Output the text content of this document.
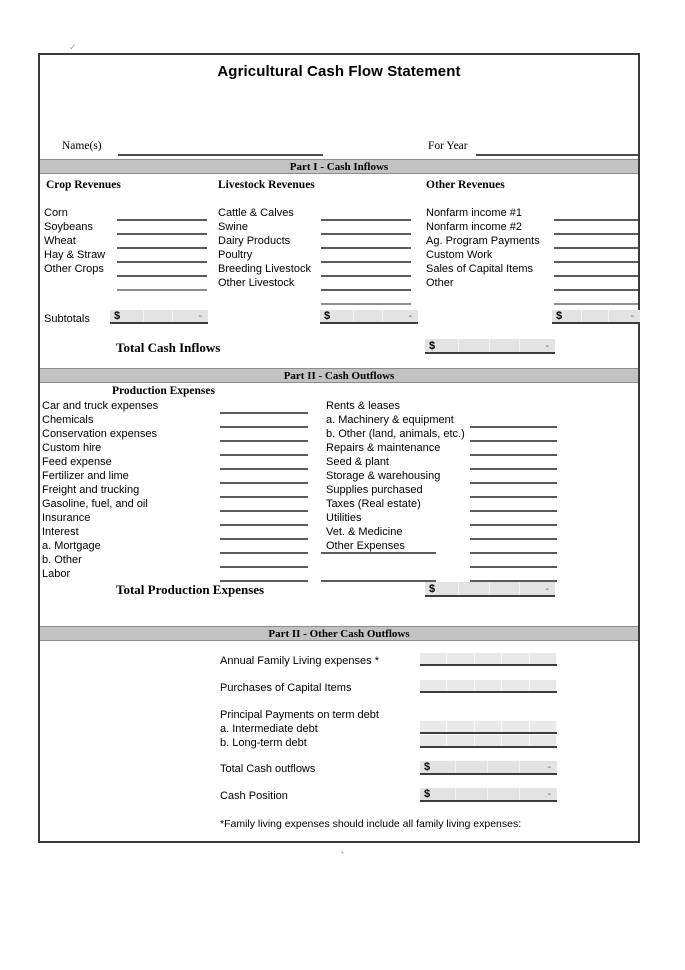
✓
Agricultural Cash Flow Statement
Name(s)	For Year
Part I - Cash Inflows
Crop Revenues	Livestock Revenues	Other Revenues
Corn
Soybeans
Wheat
Hay & Straw
Other Crops
Cattle & Calves
Swine
Dairy Products
Poultry
Breeding Livestock
Other Livestock
Nonfarm income #1
Nonfarm income #2
Ag. Program Payments
Custom Work
Sales of Capital Items
Other
Subtotals	$	-	$	-	$	-
Total Cash Inflows	$	-
Part II - Cash Outflows
Production Expenses
Car and truck expenses
Chemicals
Conservation expenses
Custom hire
Feed expense
Fertilizer and lime
Freight and trucking
Gasoline, fuel, and oil
Insurance
Interest
a. Mortgage
b. Other
Labor
Rents & leases
a. Machinery & equipment
b. Other (land, animals, etc.)
Repairs & maintenance
Seed & plant
Storage & warehousing
Supplies purchased
Taxes (Real estate)
Utilities
Vet. & Medicine
Other Expenses
Total Production Expenses	$	-
Part II - Other Cash Outflows
Annual Family Living expenses *
Purchases of Capital Items
Principal Payments on term debt
a. Intermediate debt
b. Long-term debt
Total Cash outflows	$	-
Cash Position	$	-
*Family living expenses should include all family living expenses:
▪
